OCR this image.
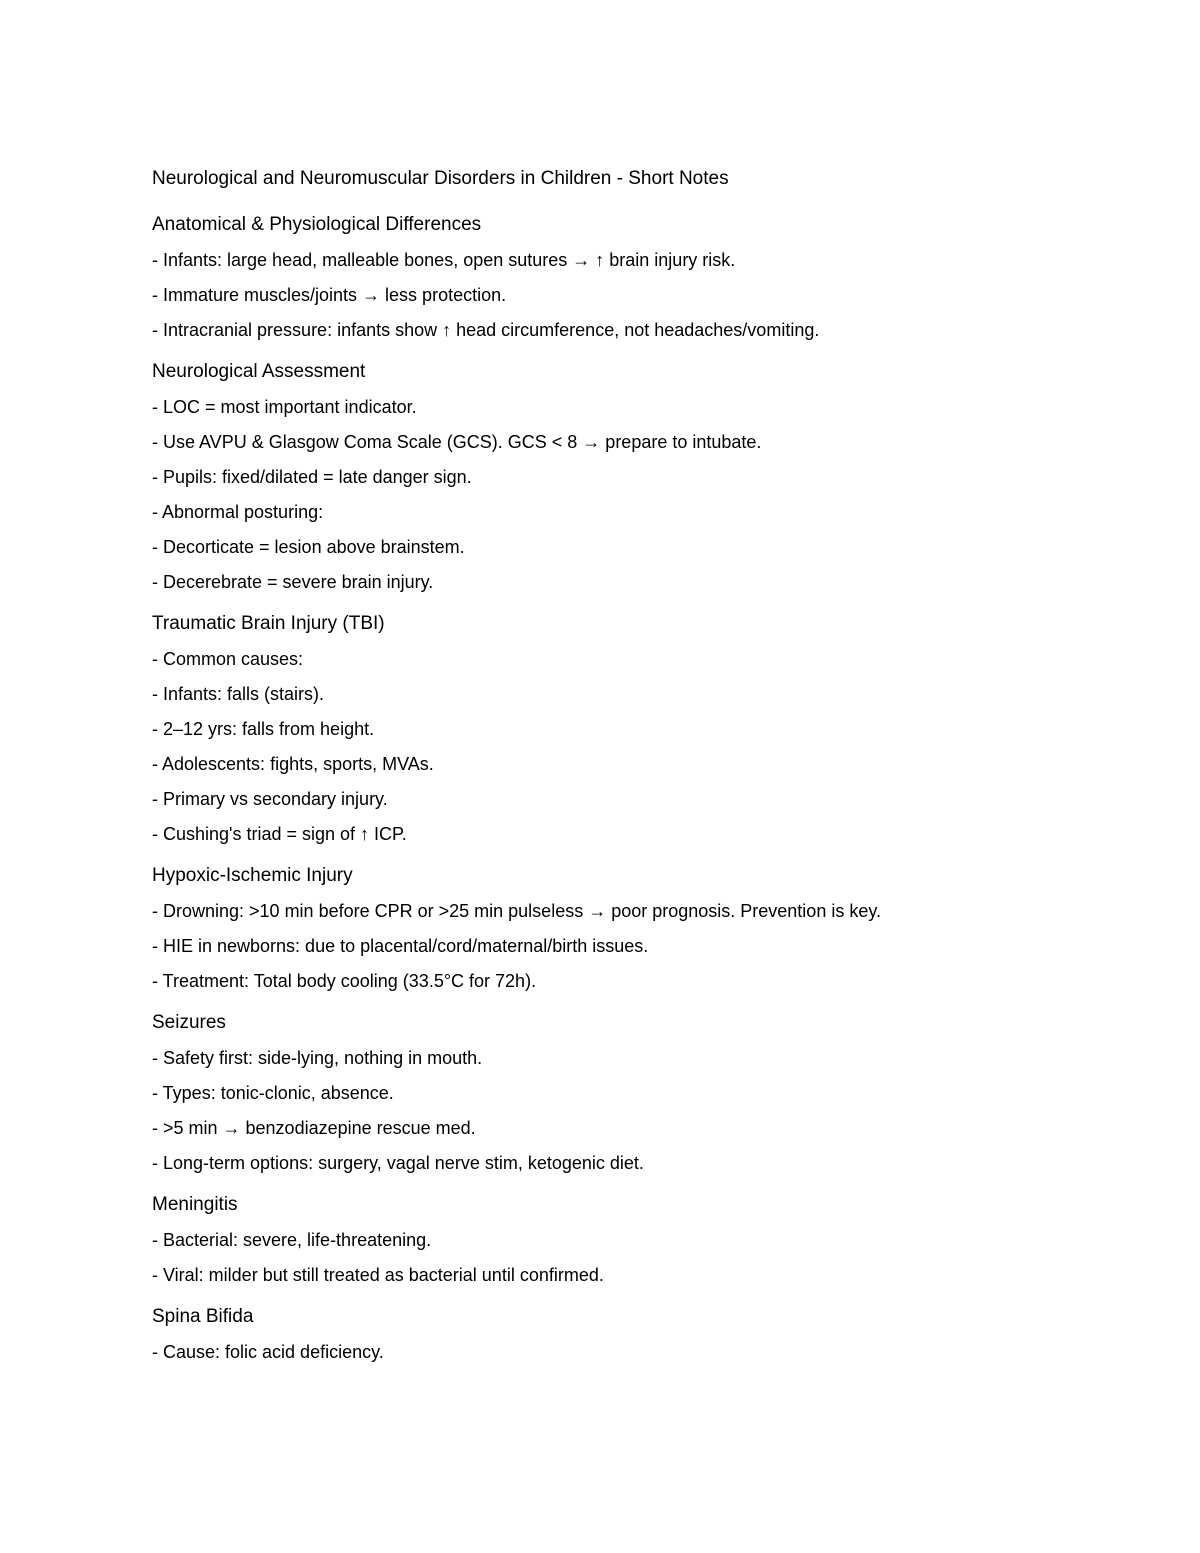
Neurological and Neuromuscular Disorders in Children - Short Notes
Anatomical & Physiological Differences
- Infants: large head, malleable bones, open sutures → ↑ brain injury risk.
- Immature muscles/joints → less protection.
- Intracranial pressure: infants show ↑ head circumference, not headaches/vomiting.
Neurological Assessment
- LOC = most important indicator.
- Use AVPU & Glasgow Coma Scale (GCS). GCS < 8 → prepare to intubate.
- Pupils: fixed/dilated = late danger sign.
- Abnormal posturing:
- Decorticate = lesion above brainstem.
- Decerebrate = severe brain injury.
Traumatic Brain Injury (TBI)
- Common causes:
- Infants: falls (stairs).
- 2–12 yrs: falls from height.
- Adolescents: fights, sports, MVAs.
- Primary vs secondary injury.
- Cushing's triad = sign of ↑ ICP.
Hypoxic-Ischemic Injury
- Drowning: >10 min before CPR or >25 min pulseless → poor prognosis. Prevention is key.
- HIE in newborns: due to placental/cord/maternal/birth issues.
- Treatment: Total body cooling (33.5°C for 72h).
Seizures
- Safety first: side-lying, nothing in mouth.
- Types: tonic-clonic, absence.
- >5 min → benzodiazepine rescue med.
- Long-term options: surgery, vagal nerve stim, ketogenic diet.
Meningitis
- Bacterial: severe, life-threatening.
- Viral: milder but still treated as bacterial until confirmed.
Spina Bifida
- Cause: folic acid deficiency.
